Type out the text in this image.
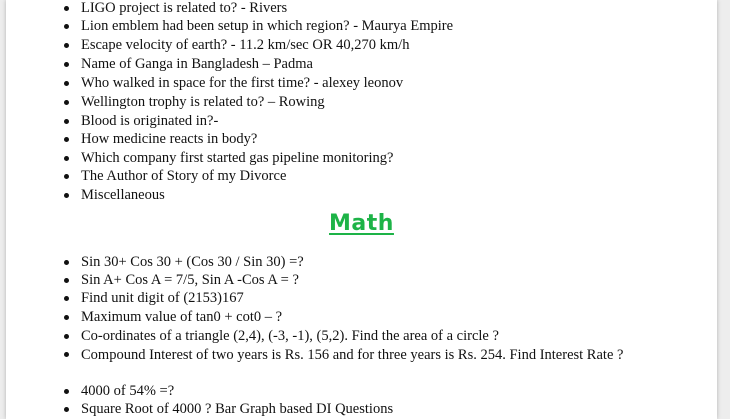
LIGO project is related to? - Rivers
Lion emblem had been setup in which region? - Maurya Empire
Escape velocity of earth? - 11.2 km/sec OR 40,270 km/h
Name of Ganga in Bangladesh – Padma
Who walked in space for the first time? - alexey leonov
Wellington trophy is related to? – Rowing
Blood is originated in?-
How medicine reacts in body?
Which company first started gas pipeline monitoring?
The Author of Story of my Divorce
Miscellaneous
Math
Sin 30+ Cos 30 + (Cos 30 / Sin 30) =?
Sin A+ Cos A = 7/5, Sin A -Cos A = ?
Find unit digit of (2153)167
Maximum value of tan0 + cot0 – ?
Co-ordinates of a triangle (2,4), (-3, -1), (5,2). Find the area of a circle ?
Compound Interest of two years is Rs. 156 and for three years is Rs. 254. Find Interest Rate ?
4000 of 54% =?
Square Root of 4000 ? Bar Graph based DI Questions
